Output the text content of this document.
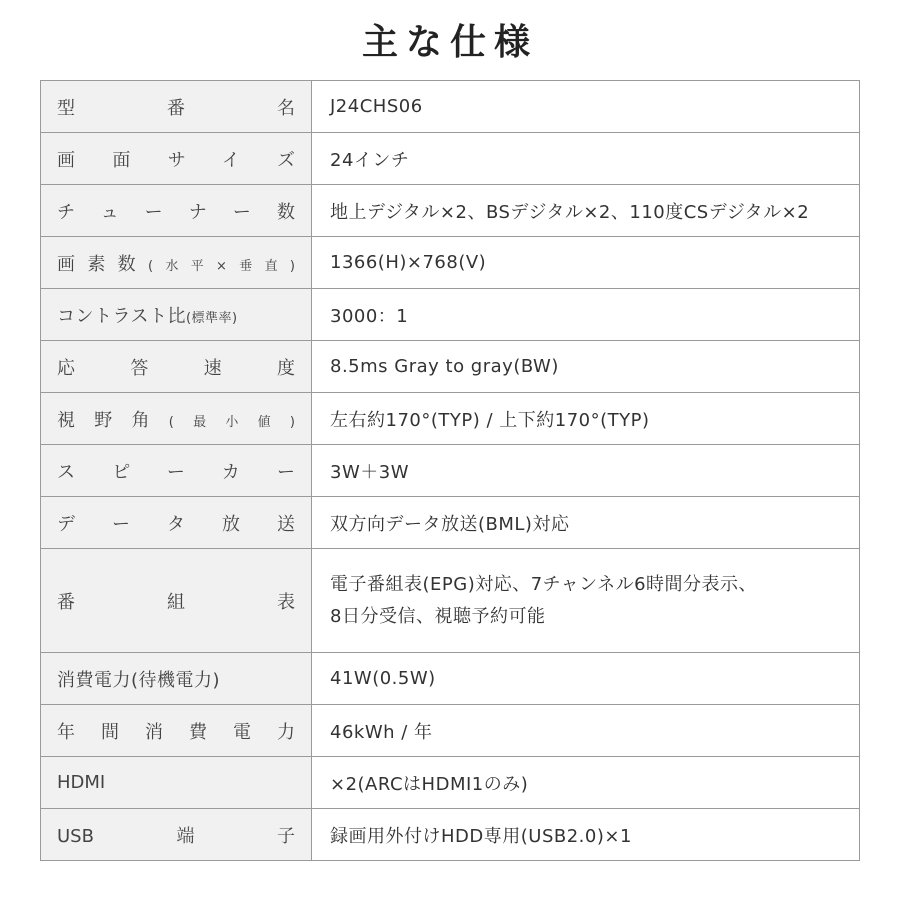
主な仕様
型番名	J24CHS06
画面サイズ	24インチ
チューナー数	地上デジタル×2、BSデジタル×2、110度CSデジタル×2
画素数(水平×垂直)	1366(H)×768(V)
コントラスト比(標準率)	3000：1
応答速度	8.5ms Gray to gray(BW)
視野角(最小値)	左右約170°(TYP) / 上下約170°(TYP)
スピーカー	3W＋3W
データ放送	双方向データ放送(BML)対応
番組表	電子番組表(EPG)対応、7チャンネル6時間分表示、
8日分受信、視聴予約可能

消費電力(待機電力)	41W(0.5W)
年間消費電力	46kWh / 年
HDMI	×2(ARCはHDMI1のみ)
USB端子	録画用外付けHDD専用(USB2.0)×1
